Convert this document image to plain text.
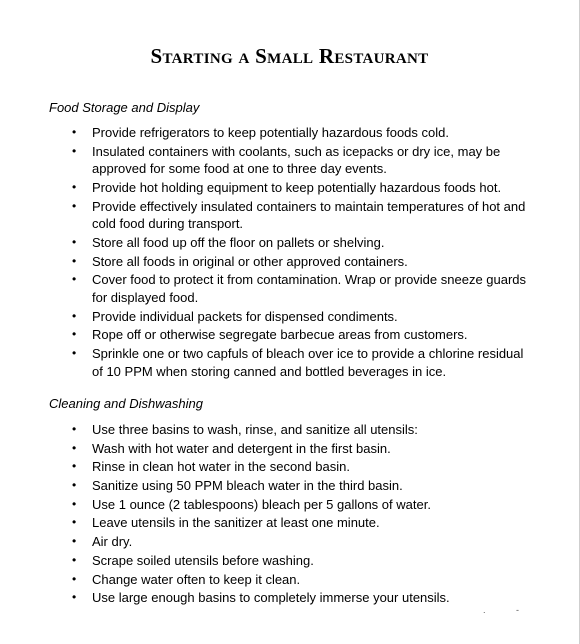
Starting a Small Restaurant
Food Storage and Display
• Provide refrigerators to keep potentially hazardous foods cold.
• Insulated containers with coolants, such as icepacks or dry ice, may be approved for some food at one to three day events.
• Provide hot holding equipment to keep potentially hazardous foods hot.
• Provide effectively insulated containers to maintain temperatures of hot and cold food during transport.
• Store all food up off the floor on pallets or shelving.
• Store all foods in original or other approved containers.
• Cover food to protect it from contamination. Wrap or provide sneeze guards for displayed food.
• Provide individual packets for dispensed condiments.
• Rope off or otherwise segregate barbecue areas from customers.
• Sprinkle one or two capfuls of bleach over ice to provide a chlorine residual of 10 PPM when storing canned and bottled beverages in ice.
Cleaning and Dishwashing
• Use three basins to wash, rinse, and sanitize all utensils:
• Wash with hot water and detergent in the first basin.
• Rinse in clean hot water in the second basin.
• Sanitize using 50 PPM bleach water in the third basin.
• Use 1 ounce (2 tablespoons) bleach per 5 gallons of water.
• Leave utensils in the sanitizer at least one minute.
• Air dry.
• Scrape soiled utensils before washing.
• Change water often to keep it clean.
• Use large enough basins to completely immerse your utensils.
. -
